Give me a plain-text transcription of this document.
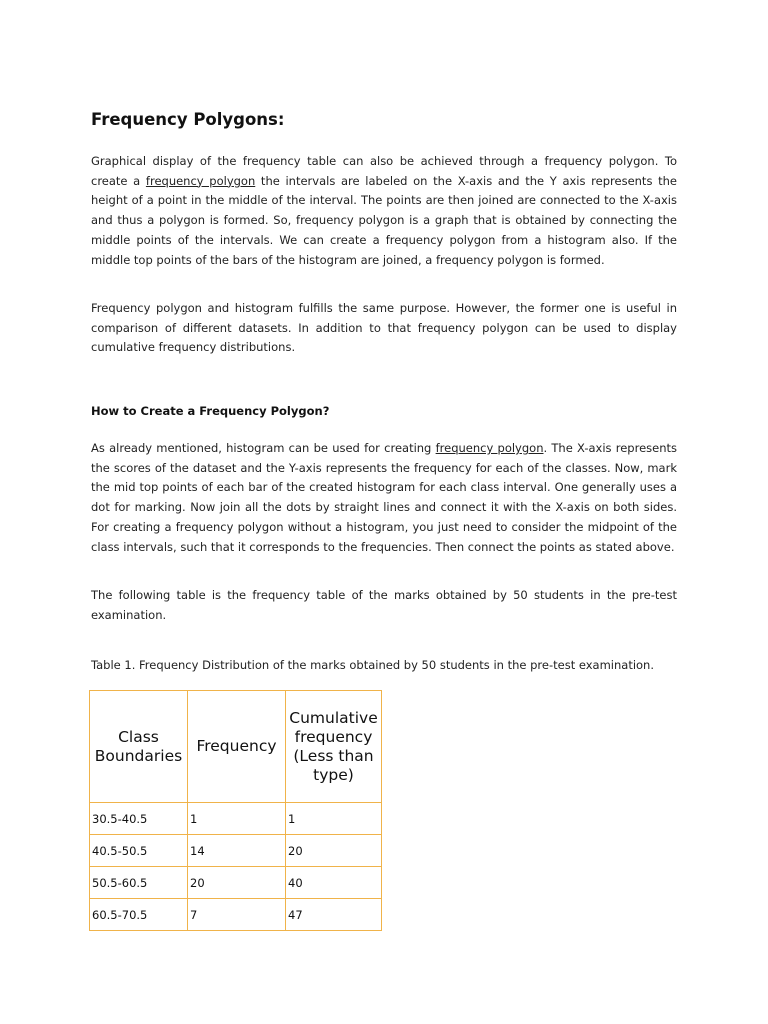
Frequency Polygons:

Graphical display of the frequency table can also be achieved through a frequency polygon. To create a frequency polygon the intervals are labeled on the X-axis and the Y axis represents the height of a point in the middle of the interval. The points are then joined are connected to the X-axis and thus a polygon is formed. So, frequency polygon is a graph that is obtained by connecting the middle points of the intervals. We can create a frequency polygon from a histogram also. If the middle top points of the bars of the histogram are joined, a frequency polygon is formed.

Frequency polygon and histogram fulfills the same purpose. However, the former one is useful in comparison of different datasets. In addition to that frequency polygon can be used to display cumulative frequency distributions.

How to Create a Frequency Polygon?

As already mentioned, histogram can be used for creating frequency polygon. The X-axis represents the scores of the dataset and the Y-axis represents the frequency for each of the classes. Now, mark the mid top points of each bar of the created histogram for each class interval. One generally uses a dot for marking. Now join all the dots by straight lines and connect it with the X-axis on both sides. For creating a frequency polygon without a histogram, you just need to consider the midpoint of the class intervals, such that it corresponds to the frequencies. Then connect the points as stated above.

The following table is the frequency table of the marks obtained by 50 students in the pre-test examination.

Table 1. Frequency Distribution of the marks obtained by 50 students in the pre-test examination.

Class Boundaries	Frequency	Cumulative frequency (Less than type)
30.5-40.5	1	1
40.5-50.5	14	20
50.5-60.5	20	40
60.5-70.5	7	47
